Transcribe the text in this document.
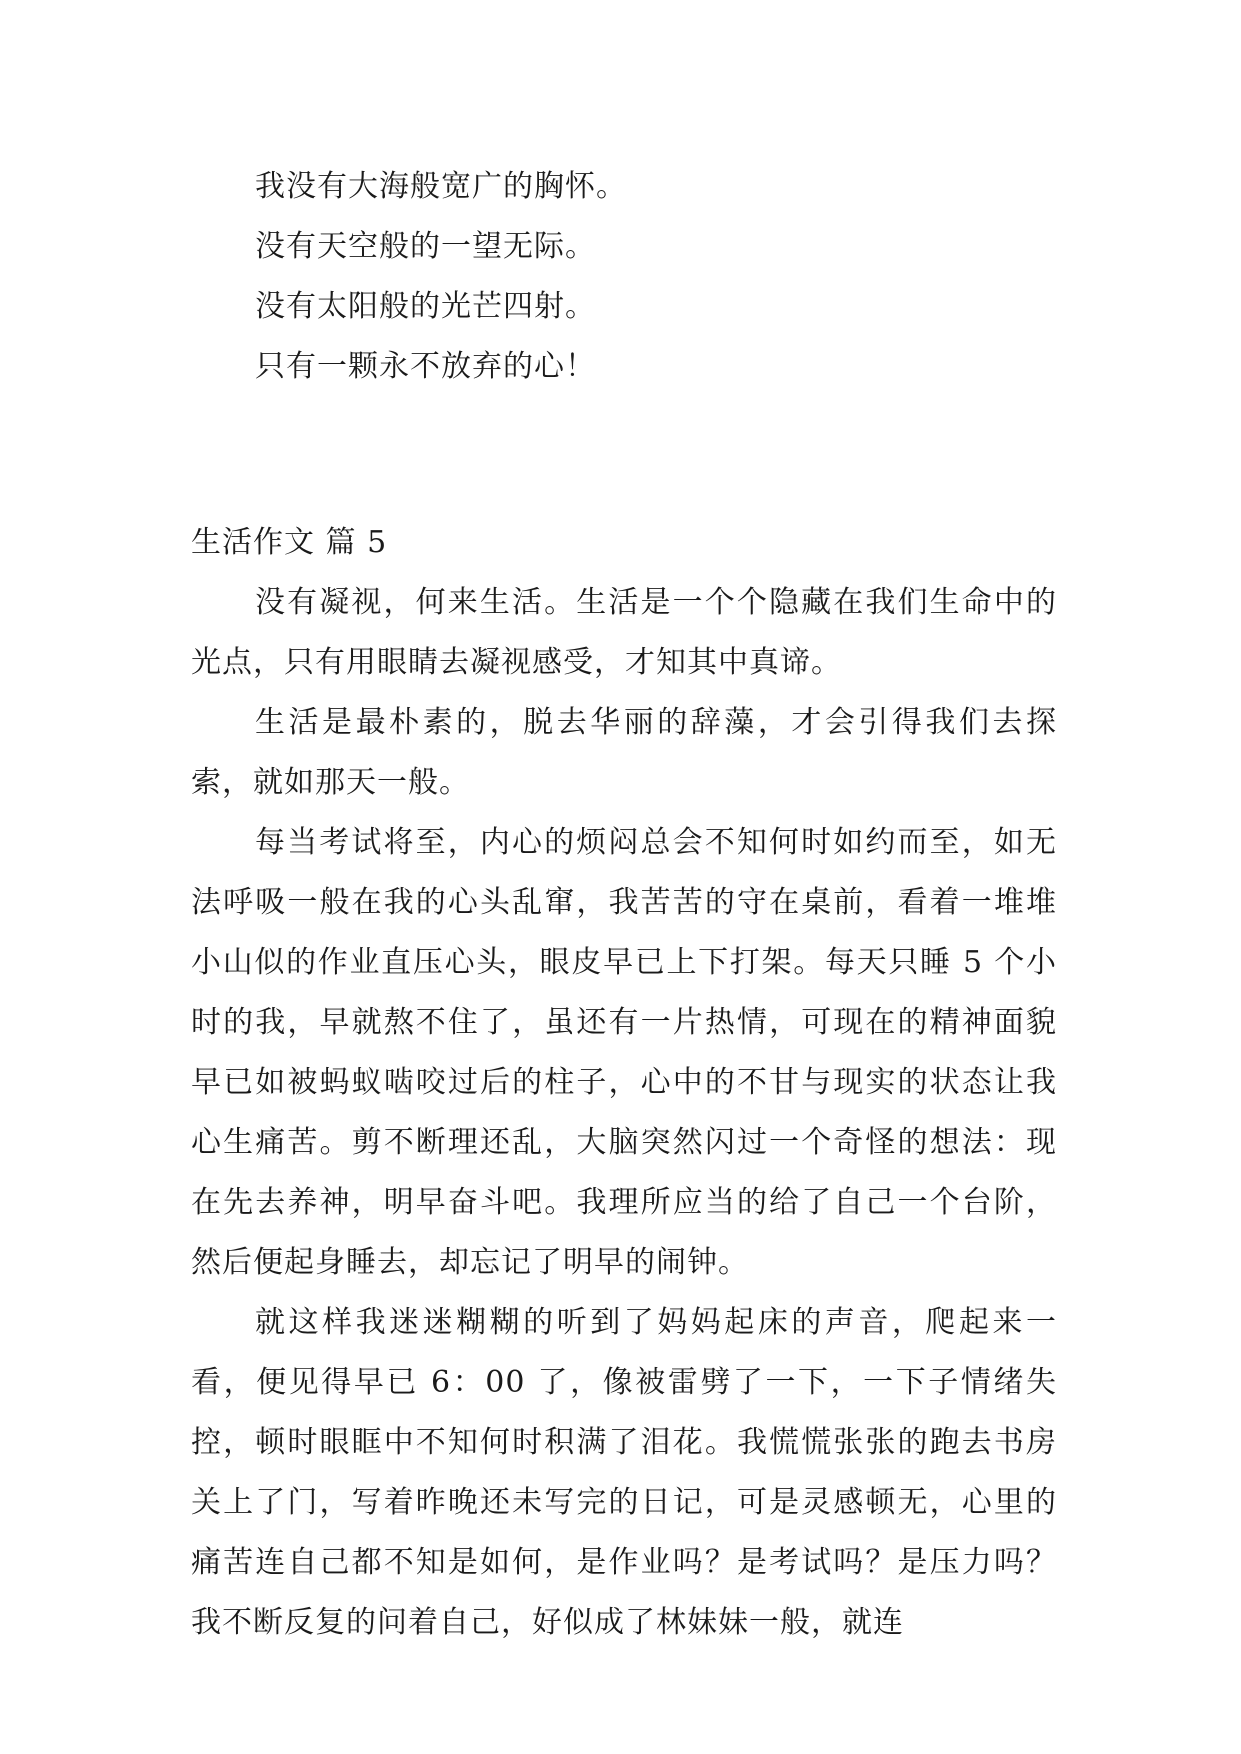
我没有大海般宽广的胸怀。
没有天空般的一望无际。
没有太阳般的光芒四射。
只有一颗永不放弃的心！
生活作文 篇 5

没有凝视，何来生活。生活是一个个隐藏在我们生命中的光点，只有用眼睛去凝视感受，才知其中真谛。

生活是最朴素的，脱去华丽的辞藻，才会引得我们去探索，就如那天一般。

每当考试将至，内心的烦闷总会不知何时如约而至，如无法呼吸一般在我的心头乱窜，我苦苦的守在桌前，看着一堆堆小山似的作业直压心头，眼皮早已上下打架。每天只睡 5 个小时的我，早就熬不住了，虽还有一片热情，可现在的精神面貌早已如被蚂蚁啮咬过后的柱子，心中的不甘与现实的状态让我心生痛苦。剪不断理还乱，大脑突然闪过一个奇怪的想法：现在先去养神，明早奋斗吧。我理所应当的给了自己一个台阶，然后便起身睡去，却忘记了明早的闹钟。

就这样我迷迷糊糊的听到了妈妈起床的声音，爬起来一看，便见得早已 6：00 了，像被雷劈了一下，一下子情绪失控，顿时眼眶中不知何时积满了泪花。我慌慌张张的跑去书房关上了门，写着昨晚还未写完的日记，可是灵感顿无，心里的痛苦连自己都不知是如何，是作业吗？是考试吗？是压力吗？我不断反复的问着自己，好似成了林妹妹一般，就连
